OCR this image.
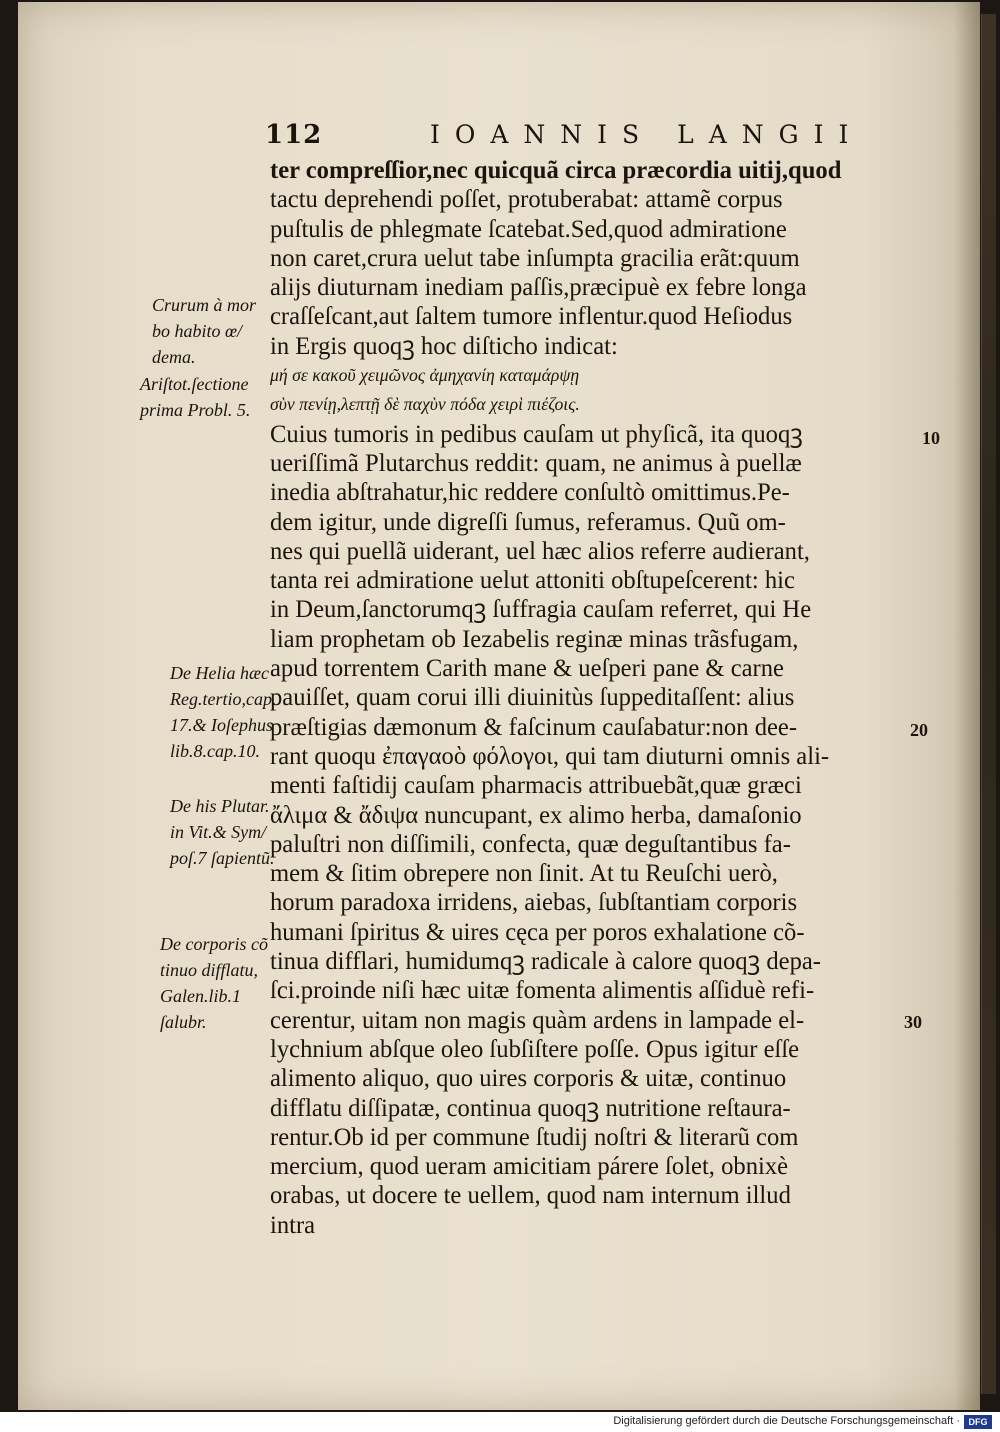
112	IOANNIS LANGII
ter compreſſior,nec quicquã circa præcordia uitij,quod
tactu deprehendi poſſet, protuberabat: attamẽ corpus
puſtulis de phlegmate ſcatebat.Sed,quod admiratione
non caret,crura uelut tabe inſumpta gracilia erãt:quum
alijs diuturnam inediam paſſis,præcipuè ex febre longa
craſſeſcant,aut ſaltem tumore inflentur.quod Heſiodus
in Ergis quoqꝫ hoc diſticho indicat:
μή σε κακοῦ χειμῶνος ἀμηχανίη καταμάρψῃ
σὺν πενίῃ,λεπτῇ δὲ παχὺν πόδα χειρὶ πιέζοις.
Cuius tumoris in pedibus cauſam ut phyſicã, ita quoqꝫ
ueriſſimã Plutarchus reddit: quam, ne animus à puellæ
inedia abſtrahatur,hic reddere conſultò omittimus.Pe-
dem igitur, unde digreſſi ſumus, referamus. Quũ om-
nes qui puellã uiderant, uel hæc alios referre audierant,
tanta rei admiratione uelut attoniti obſtupeſcerent: hic
in Deum,ſanctorumqꝫ ſuffragia cauſam referret, qui He
liam prophetam ob Iezabelis reginæ minas trãsfugam,
apud torrentem Carith mane & ueſperi pane & carne
pauiſſet, quam corui illi diuinitùs ſuppeditaſſent: alius
præſtigias dæmonum & faſcinum cauſabatur:non dee-
rant quoqu ἐπαγαοὸ φόλογοι, qui tam diuturni omnis ali-
menti faſtidij cauſam pharmacis attribuebãt,quæ græci
ἄλιμα & ἄδιψα nuncupant, ex alimo herba, damaſonio
paluſtri non diſſimili, confecta, quæ deguſtantibus fa-
mem & ſitim obrepere non ſinit. At tu Reuſchi uerò,
horum paradoxa irridens, aiebas, ſubſtantiam corporis
humani ſpiritus & uires cęca per poros exhalatione cõ-
tinua difflari, humidumqꝫ radicale à calore quoqꝫ depa-
ſci.proinde niſi hæc uitæ fomenta alimentis aſſiduè refi-
cerentur, uitam non magis quàm ardens in lampade el-
lychnium abſque oleo ſubſiſtere poſſe. Opus igitur eſſe
alimento aliquo, quo uires corporis & uitæ, continuo
difflatu diſſipatæ, continua quoqꝫ nutritione reſtaura-
rentur.Ob id per commune ſtudij noſtri & literarũ com
mercium, quod ueram amicitiam párere ſolet, obnixè
orabas, ut docere te uellem, quod nam internum illud
intra
Crurum à mor
bo habito œ/
dema.
Ariſtot.ſectione
prima Probl. 5.
De Helia hæc
Reg.tertio,cap.
17.& Ioſephus
lib.8.cap.10.
De his Plutar.
in Vit.& Sym/
poſ.7 ſapientũ.
De corporis cõ
tinuo difflatu,
Galen.lib.1
ſalubr.
10
20
30
Digitalisierung gefördert durch die Deutsche Forschungsgemeinschaft · DFG
